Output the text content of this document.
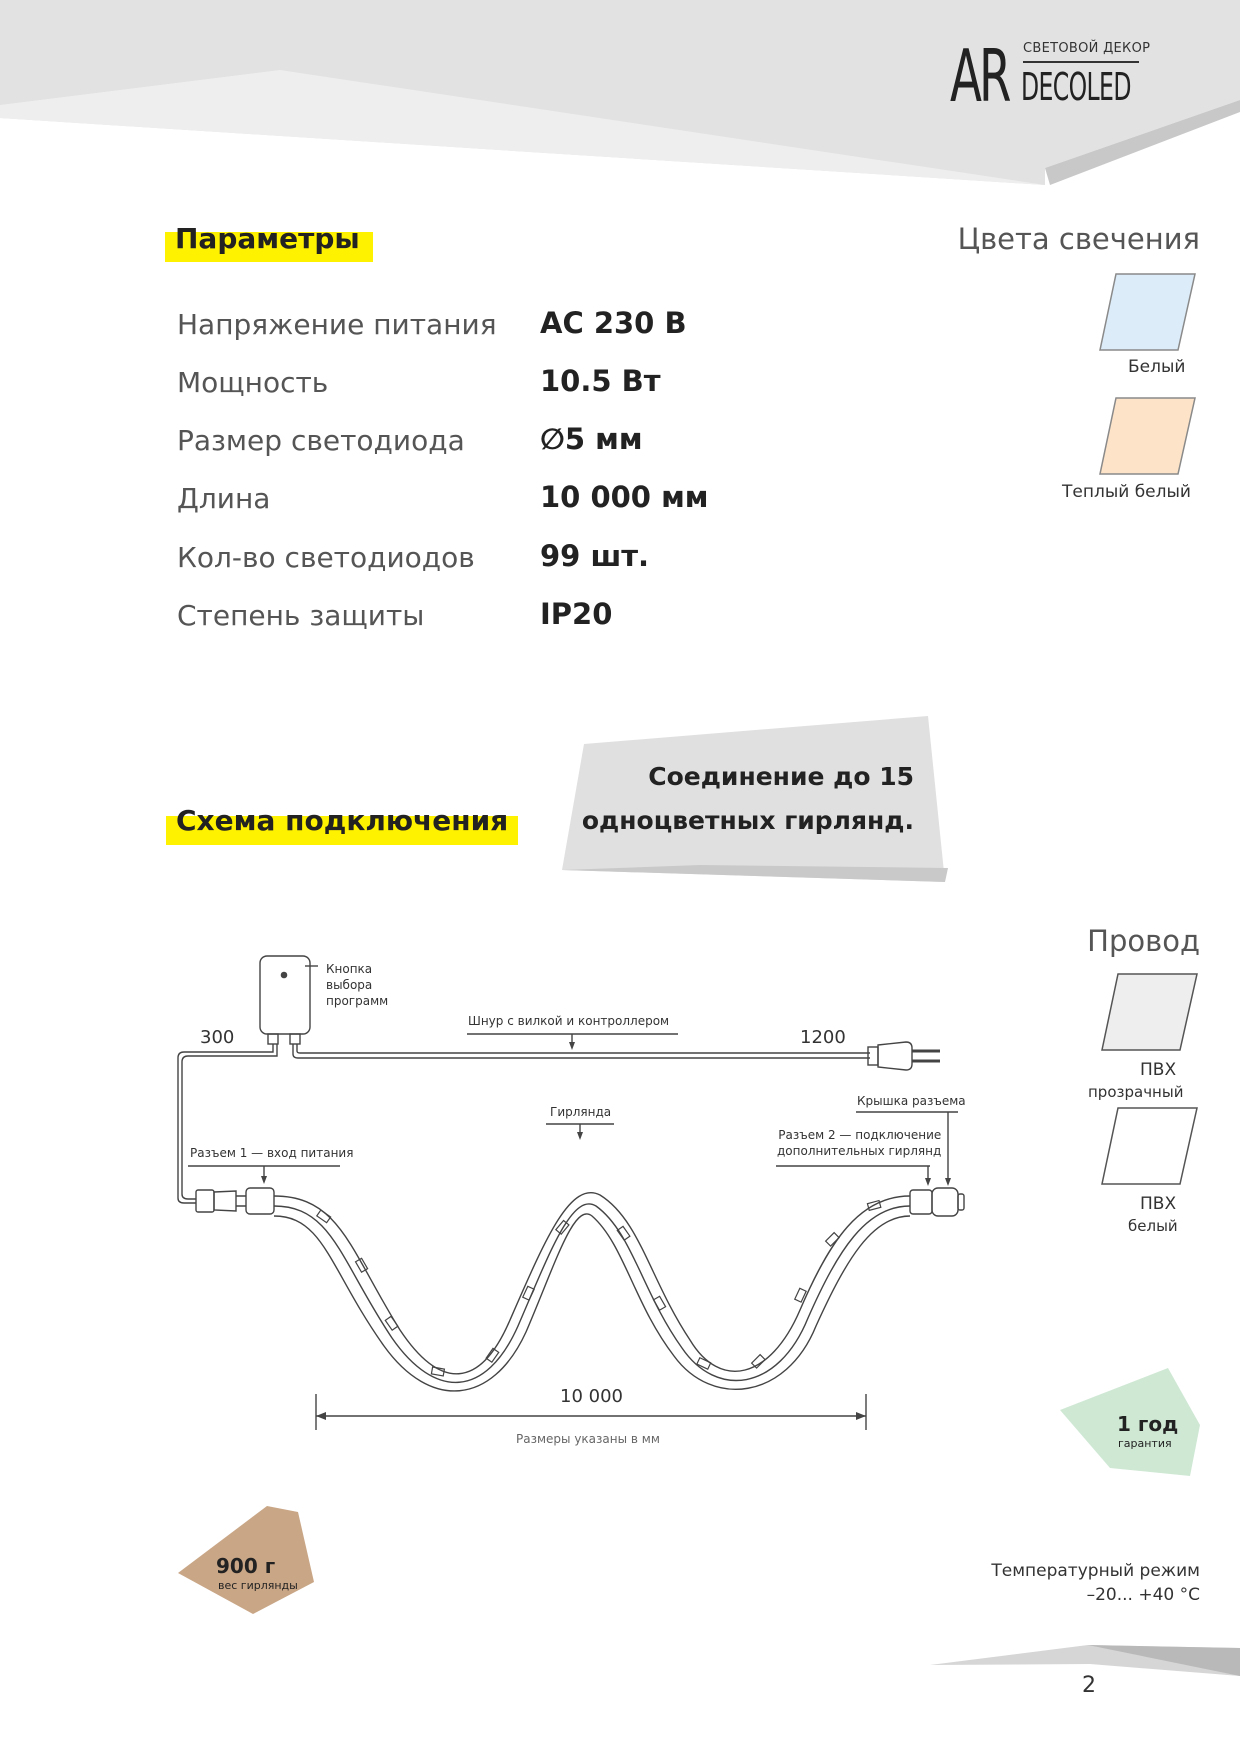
AR СВЕТОВОЙ ДЕКОР
DECOLED
Параметры
Напряжение питания AC 230 В
Мощность	10.5 Вт
Размер светодиода	∅5 мм
Длина	10 000 мм
Кол-во светодиодов 99 шт.
Степень защиты	IP20
Цвета свечения
Белый
Теплый белый
Схема подключения
Соединение до 15
одноцветных гирлянд.
Провод
ПВХ
прозрачный
ПВХ
белый
Кнопка
выбора
программ
Шнур с вилкой и контроллером
300	1200
Гирлянда
Крышка разъема
Разъем 1 — вход питания
Разъем 2 — подключение
дополнительных гирлянд
10 000
Размеры указаны в мм
1 год
гарантия
900 г
вес гирлянды
Температурный режим
–20... +40 °C
2
